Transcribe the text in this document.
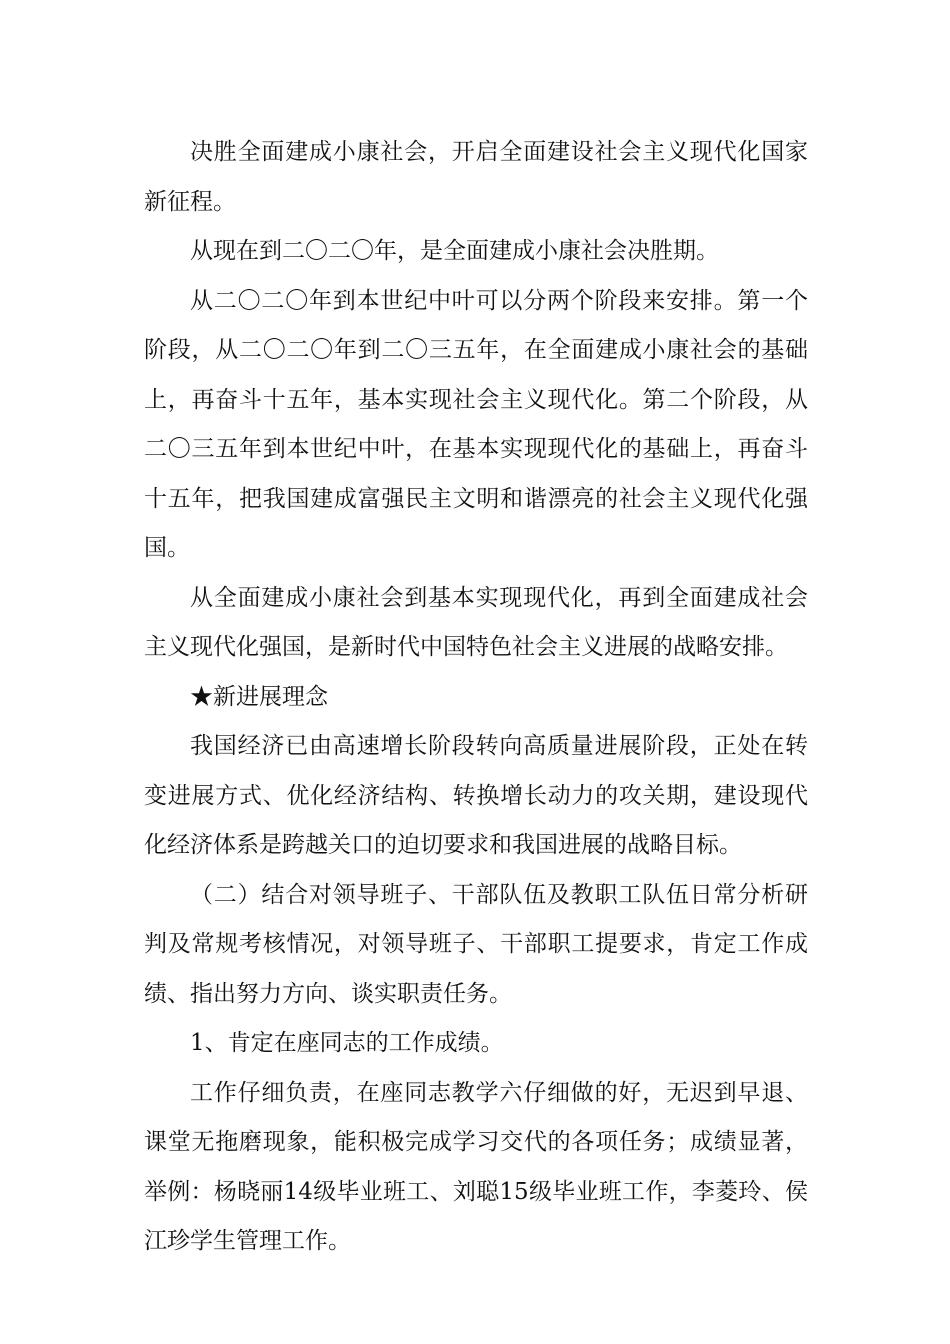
决胜全面建成小康社会，开启全面建设社会主义现代化国家新征程。

从现在到二〇二〇年，是全面建成小康社会决胜期。

从二〇二〇年到本世纪中叶可以分两个阶段来安排。第一个阶段，从二〇二〇年到二〇三五年，在全面建成小康社会的基础上，再奋斗十五年，基本实现社会主义现代化。第二个阶段，从二〇三五年到本世纪中叶，在基本实现现代化的基础上，再奋斗十五年，把我国建成富强民主文明和谐漂亮的社会主义现代化强国。

从全面建成小康社会到基本实现现代化，再到全面建成社会主义现代化强国，是新时代中国特色社会主义进展的战略安排。

★新进展理念

我国经济已由高速增长阶段转向高质量进展阶段，正处在转变进展方式、优化经济结构、转换增长动力的攻关期，建设现代化经济体系是跨越关口的迫切要求和我国进展的战略目标。

（二）结合对领导班子、干部队伍及教职工队伍日常分析研判及常规考核情况，对领导班子、干部职工提要求，肯定工作成绩、指出努力方向、谈实职责任务。

1、肯定在座同志的工作成绩。

工作仔细负责，在座同志教学六仔细做的好，无迟到早退、课堂无拖磨现象，能积极完成学习交代的各项任务；成绩显著，举例：杨晓丽14级毕业班工、刘聪15级毕业班工作，李菱玲、侯江珍学生管理工作。
